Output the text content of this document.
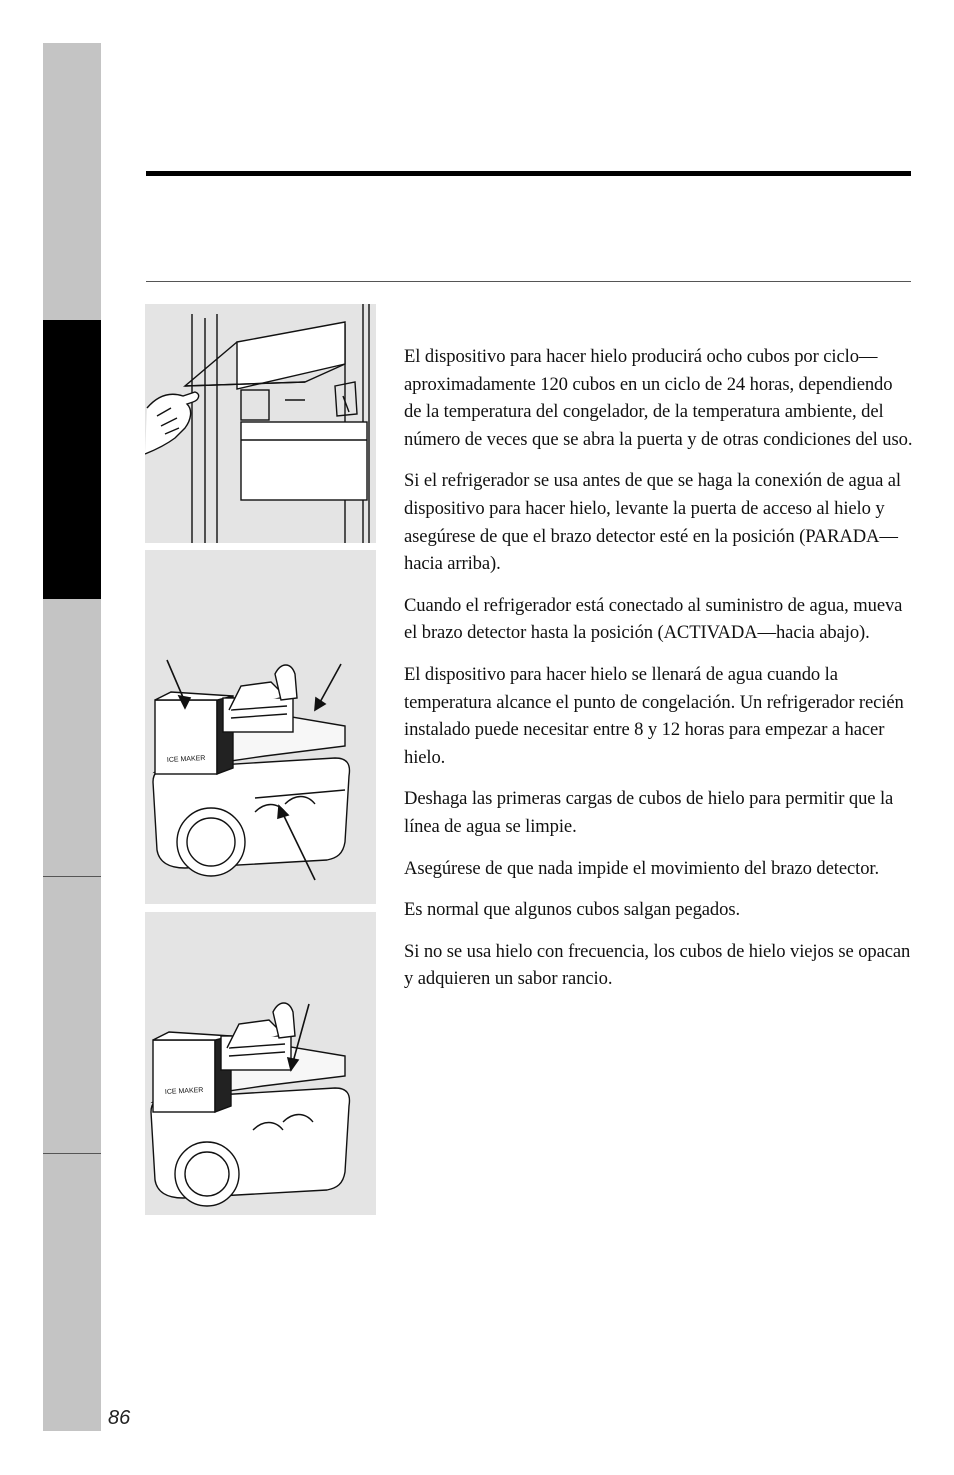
ICE MAKER
ICE MAKER

El dispositivo para hacer hielo producirá ocho cubos por ciclo—aproximadamente 120 cubos en un ciclo de 24 horas, dependiendo de la temperatura del congelador, de la temperatura ambiente, del número de veces que se abra la puerta y de otras condiciones del uso.

Si el refrigerador se usa antes de que se haga la conexión de agua al dispositivo para hacer hielo, levante la puerta de acceso al hielo y asegúrese de que el brazo detector esté en la posición (PARADA—hacia arriba).

Cuando el refrigerador está conectado al suministro de agua, mueva el brazo detector hasta la posición (ACTIVADA—hacia abajo).

El dispositivo para hacer hielo se llenará de agua cuando la temperatura alcance el punto de congelación. Un refrigerador recién instalado puede necesitar entre 8 y 12 horas para empezar a hacer hielo.

Deshaga las primeras cargas de cubos de hielo para permitir que la línea de agua se limpie.

Asegúrese de que nada impide el movimiento del brazo detector.

Es normal que algunos cubos salgan pegados.

Si no se usa hielo con frecuencia, los cubos de hielo viejos se opacan y adquieren un sabor rancio.

86
